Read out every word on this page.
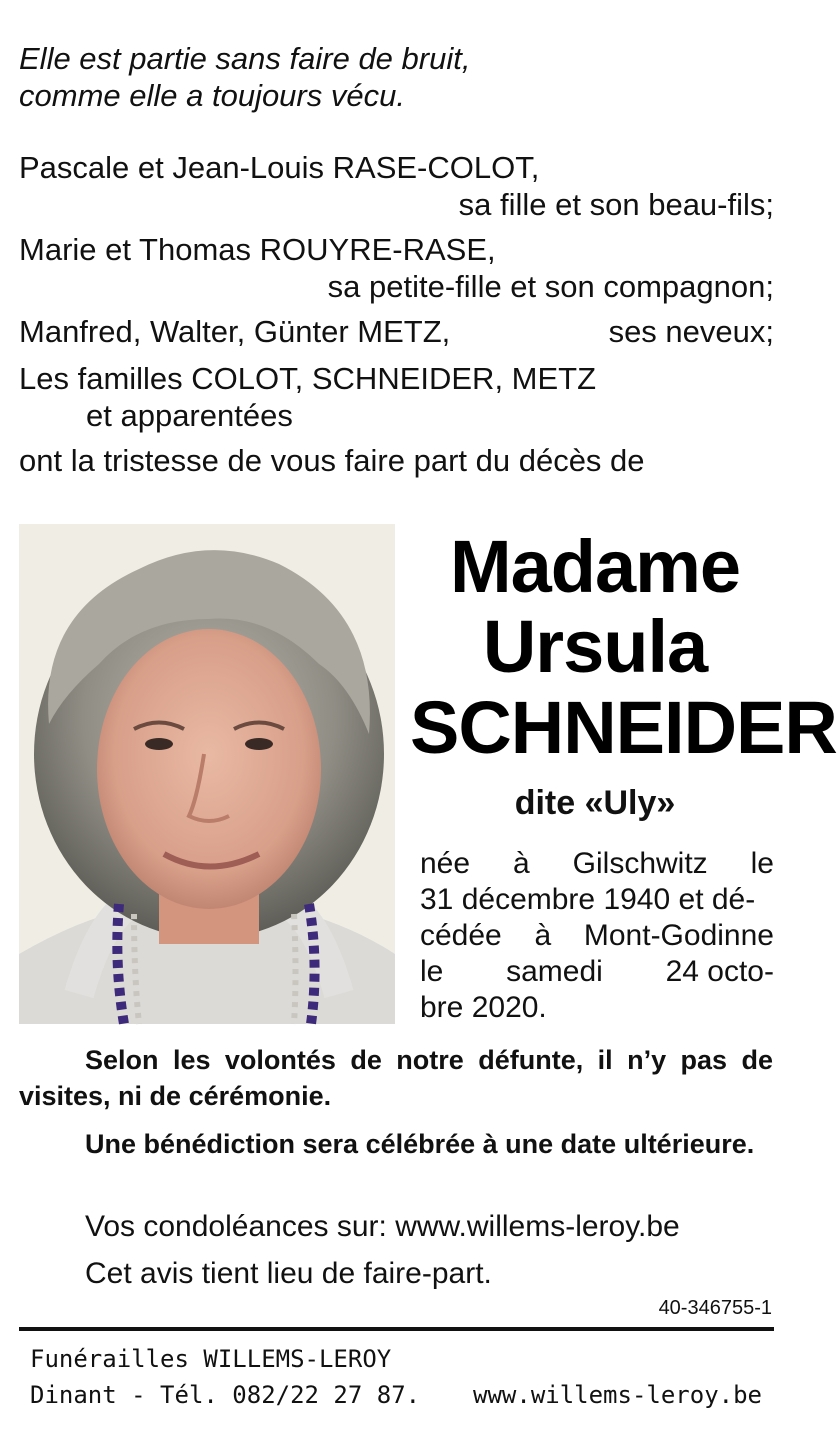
Elle est partie sans faire de bruit,
comme elle a toujours vécu.
Pascale et Jean-Louis RASE-COLOT,
sa fille et son beau-fils;
Marie et Thomas ROUYRE-RASE,
sa petite-fille et son compagnon;
Manfred, Walter, Günter METZ,	ses neveux;
Les familles COLOT, SCHNEIDER, METZ
et apparentées
ont la tristesse de vous faire part du décès de
Madame
Ursula
SCHNEIDER
dite «Uly»
née à Gilschwitz le
31 décembre 1940 et dé-
cédée à Mont-Godinne
le samedi 24 octo-
bre 2020.
Selon les volontés de notre défunte, il n’y pas de visites, ni de cérémonie.
Une bénédiction sera célébrée à une date ultérieure.
Vos condoléances sur: www.willems-leroy.be
Cet avis tient lieu de faire-part.
40-346755-1
Funérailles WILLEMS-LEROY
Dinant - Tél. 082/22 27 87. www.willems-leroy.be
